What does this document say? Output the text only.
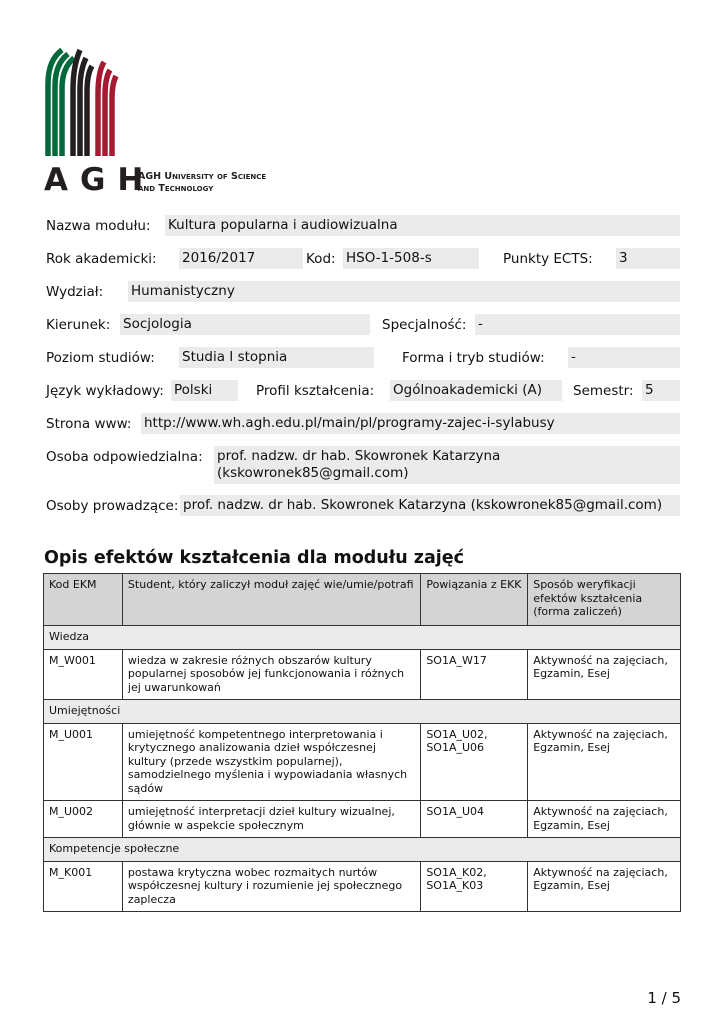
AGH
AGH University of Science
and Technology
Nazwa modułu: Kultura popularna i audiowizualna
Rok akademicki: 2016/2017	Kod: HSO-1-508-s	Punkty ECTS: 3
Wydział: Humanistyczny
Kierunek: Socjologia	Specjalność: -
Poziom studiów: Studia I stopnia	Forma i tryb studiów: -
Język wykładowy: Polski	Profil kształcenia: Ogólnoakademicki (A)	Semestr: 5
Strona www: http://www.wh.agh.edu.pl/main/pl/programy-zajec-i-sylabusy
Osoba odpowiedzialna: prof. nadzw. dr hab. Skowronek Katarzyna
(kskowronek85@gmail.com)
Osoby prowadzące: prof. nadzw. dr hab. Skowronek Katarzyna (kskowronek85@gmail.com)
Opis efektów kształcenia dla modułu zajęć
Kod EKM	Student, który zaliczył moduł zajęć wie/umie/potrafi	Powiązania z EKK	Sposób weryfikacji efektów kształcenia (forma zaliczeń)
Wiedza			
M_W001	wiedza w zakresie różnych obszarów kultury popularnej sposobów jej funkcjonowania i różnych jej uwarunkowań	SO1A_W17	Aktywność na zajęciach, Egzamin, Esej
Umiejętności			
M_U001	umiejętność kompetentnego interpretowania i krytycznego analizowania dzieł współczesnej kultury (przede wszystkim popularnej), samodzielnego myślenia i wypowiadania własnych sądów	SO1A_U02, SO1A_U06	Aktywność na zajęciach, Egzamin, Esej
M_U002	umiejętność interpretacji dzieł kultury wizualnej, głównie w aspekcie społecznym	SO1A_U04	Aktywność na zajęciach, Egzamin, Esej
Kompetencje społeczne			
M_K001	postawa krytyczna wobec rozmaitych nurtów współczesnej kultury i rozumienie jej społecznego zaplecza	SO1A_K02, SO1A_K03	Aktywność na zajęciach, Egzamin, Esej
1 / 5
